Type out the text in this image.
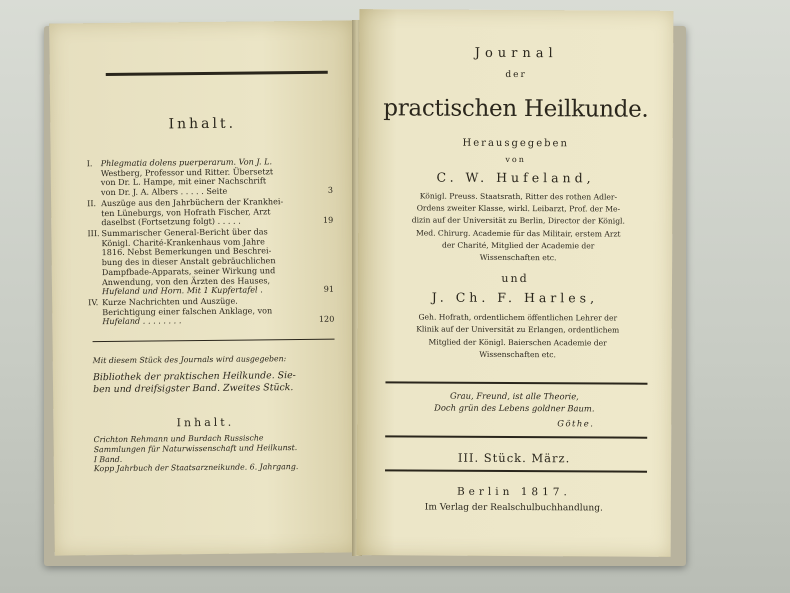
Inhalt.
I. Phlegmatia dolens puerperarum. Von J. L.
Westberg, Professor und Ritter. Übersetzt
von Dr. L. Hampe, mit einer Nachschrift
von Dr. J. A. Albers . . . . . Seite	3
II. Auszüge aus den Jahrbüchern der Krankhei-
ten Lüneburgs, von Hofrath Fischer, Arzt
daselbst (Fortsetzung folgt) . . . . .	19
III. Summarischer General-Bericht über das
Königl. Charité-Krankenhaus vom Jahre
1816. Nebst Bemerkungen und Beschrei-
bung des in dieser Anstalt gebräuchlichen
Dampfbade-Apparats, seiner Wirkung und
Anwendung, von den Ärzten des Hauses,
Hufeland und Horn. Mit 1 Kupfertafel .	91
IV. Kurze Nachrichten und Auszüge.
Berichtigung einer falschen Anklage, von
Hufeland . . . . . . . .	120
Mit diesem Stück des Journals wird ausgegeben:
Bibliothek der praktischen Heilkunde. Sie-
ben und dreifsigster Band. Zweites Stück.
Inhalt.
Crichton Rehmann und Burdach Russische
Sammlungen für Naturwissenschaft und Heilkunst.
I Band.
Kopp Jahrbuch der Staatsarzneikunde. 6. Jahrgang.
Journal
der
practischen Heilkunde.
Herausgegeben
von
C. W. Hufeland,
Königl. Preuss. Staatsrath, Ritter des rothen Adler-
Ordens zweiter Klasse, wirkl. Leibarzt, Prof. der Me-
dizin auf der Universität zu Berlin, Director der Königl.
Med. Chirurg. Academie für das Militair, erstem Arzt
der Charité, Mitglied der Academie der
Wissenschaften etc.
und
J. Ch. F. Harles,
Geh. Hofrath, ordentlichem öffentlichen Lehrer der
Klinik auf der Universität zu Erlangen, ordentlichem
Mitglied der Königl. Baierschen Academie der
Wissenschaften etc.
Grau, Freund, ist alle Theorie,
Doch grün des Lebens goldner Baum.
Göthe.
III. Stück. März.
Berlin 1817.
Im Verlag der Realschulbuchhandlung.
